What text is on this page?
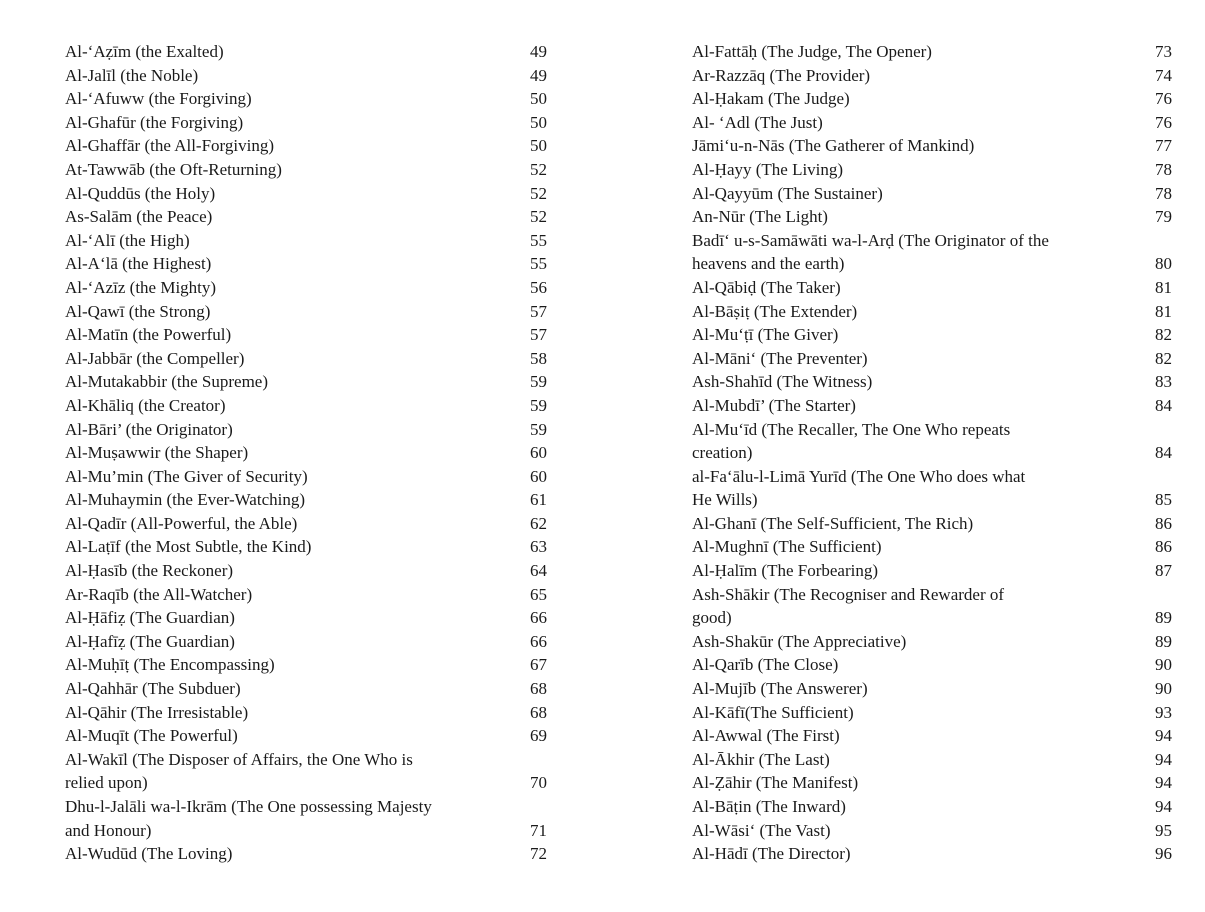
Al-‘Aẓīm (the Exalted)	49
Al-Jalīl (the Noble)	49
Al-‘Afuww (the Forgiving)	50
Al-Ghafūr (the Forgiving)	50
Al-Ghaffār (the All-Forgiving)	50
At-Tawwāb (the Oft-Returning)	52
Al-Quddūs (the Holy)	52
As-Salām (the Peace)	52
Al-‘Alī (the High)	55
Al-A‘lā (the Highest)	55
Al-‘Azīz (the Mighty)	56
Al-Qawī (the Strong)	57
Al-Matīn (the Powerful)	57
Al-Jabbār (the Compeller)	58
Al-Mutakabbir (the Supreme)	59
Al-Khāliq (the Creator)	59
Al-Bāri’ (the Originator)	59
Al-Muṣawwir (the Shaper)	60
Al-Mu’min (The Giver of Security)	60
Al-Muhaymin (the Ever-Watching)	61
Al-Qadīr (All-Powerful, the Able)	62
Al-Laṭīf (the Most Subtle, the Kind)	63
Al-Ḥasīb (the Reckoner)	64
Ar-Raqīb (the All-Watcher)	65
Al-Ḥāfiẓ (The Guardian)	66
Al-Ḥafīẓ (The Guardian)	66
Al-Muḥīṭ (The Encompassing)	67
Al-Qahhār (The Subduer)	68
Al-Qāhir (The Irresistable)	68
Al-Muqīt (The Powerful)	69
Al-Wakīl (The Disposer of Affairs, the One Who is
relied upon)	70
Dhu-l-Jalāli wa-l-Ikrām (The One possessing Majesty
and Honour)	71
Al-Wudūd (The Loving)	72
Al-Fattāḥ (The Judge, The Opener)	73
Ar-Razzāq (The Provider)	74
Al-Ḥakam (The Judge)	76
Al- ‘Adl (The Just)	76
Jāmi‘u-n-Nās (The Gatherer of Mankind)	77
Al-Ḥayy (The Living)	78
Al-Qayyūm (The Sustainer)	78
An-Nūr (The Light)	79
Badī‘ u-s-Samāwāti wa-l-Arḍ (The Originator of the
heavens and the earth)	80
Al-Qābiḍ (The Taker)	81
Al-Bāṣiṭ (The Extender)	81
Al-Mu‘ṭī (The Giver)	82
Al-Māni‘ (The Preventer)	82
Ash-Shahīd (The Witness)	83
Al-Mubdī’ (The Starter)	84
Al-Mu‘īd (The Recaller, The One Who repeats
creation)	84
al-Fa‘ālu-l-Limā Yurīd (The One Who does what
He Wills)	85
Al-Ghanī (The Self-Sufficient, The Rich)	86
Al-Mughnī (The Sufficient)	86
Al-Ḥalīm (The Forbearing)	87
Ash-Shākir (The Recogniser and Rewarder of
good)	89
Ash-Shakūr (The Appreciative)	89
Al-Qarīb (The Close)	90
Al-Mujīb (The Answerer)	90
Al-Kāfī(The Sufficient)	93
Al-Awwal (The First)	94
Al-Ākhir (The Last)	94
Al-Ẓāhir (The Manifest)	94
Al-Bāṭin (The Inward)	94
Al-Wāsi‘ (The Vast)	95
Al-Hādī (The Director)	96
